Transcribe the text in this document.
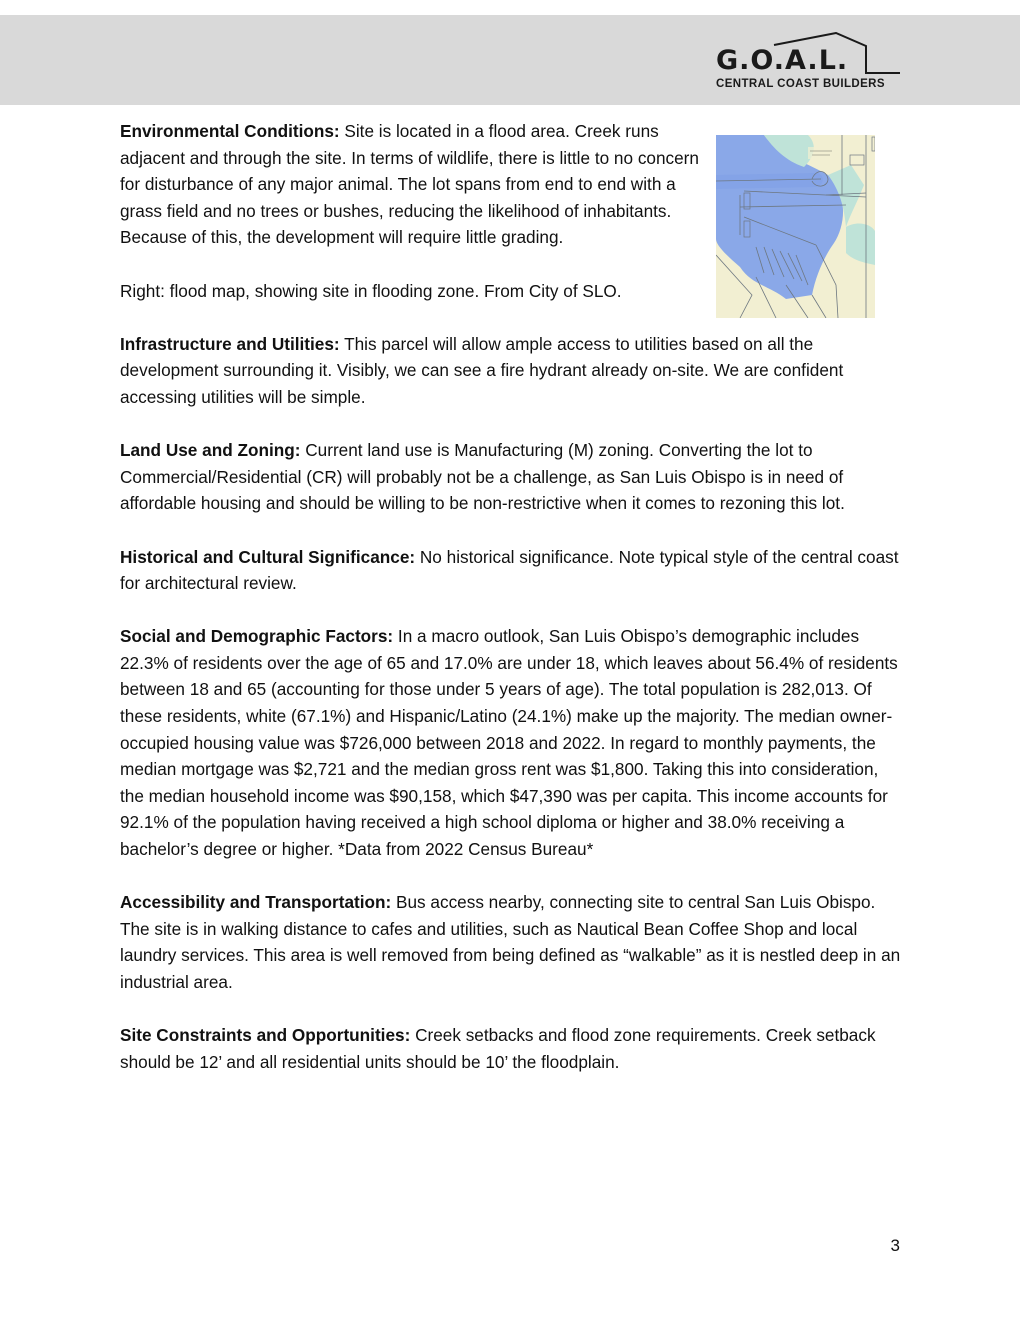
G.O.A.L.
CENTRAL COAST BUILDERS

Environmental Conditions: Site is located in a flood area. Creek runs adjacent and through the site. In terms of wildlife, there is little to no concern for disturbance of any major animal. The lot spans from end to end with a grass field and no trees or bushes, reducing the likelihood of inhabitants. Because of this, the development will require little grading.

Right: flood map, showing site in flooding zone. From City of SLO.

Infrastructure and Utilities: This parcel will allow ample access to utilities based on all the development surrounding it. Visibly, we can see a fire hydrant already on-site. We are confident accessing utilities will be simple.

Land Use and Zoning: Current land use is Manufacturing (M) zoning. Converting the lot to Commercial/Residential (CR) will probably not be a challenge, as San Luis Obispo is in need of affordable housing and should be willing to be non-restrictive when it comes to rezoning this lot.

Historical and Cultural Significance: No historical significance. Note typical style of the central coast for architectural review.

Social and Demographic Factors: In a macro outlook, San Luis Obispo’s demographic includes 22.3% of residents over the age of 65 and 17.0% are under 18, which leaves about 56.4% of residents between 18 and 65 (accounting for those under 5 years of age). The total population is 282,013. Of these residents, white (67.1%) and Hispanic/Latino (24.1%) make up the majority. The median owner-occupied housing value was $726,000 between 2018 and 2022. In regard to monthly payments, the median mortgage was $2,721 and the median gross rent was $1,800. Taking this into consideration, the median household income was $90,158, which $47,390 was per capita. This income accounts for 92.1% of the population having received a high school diploma or higher and 38.0% receiving a bachelor’s degree or higher. *Data from 2022 Census Bureau*

Accessibility and Transportation: Bus access nearby, connecting site to central San Luis Obispo. The site is in walking distance to cafes and utilities, such as Nautical Bean Coffee Shop and local laundry services. This area is well removed from being defined as “walkable” as it is nestled deep in an industrial area.

Site Constraints and Opportunities: Creek setbacks and flood zone requirements. Creek setback should be 12’ and all residential units should be 10’ the floodplain.

3
